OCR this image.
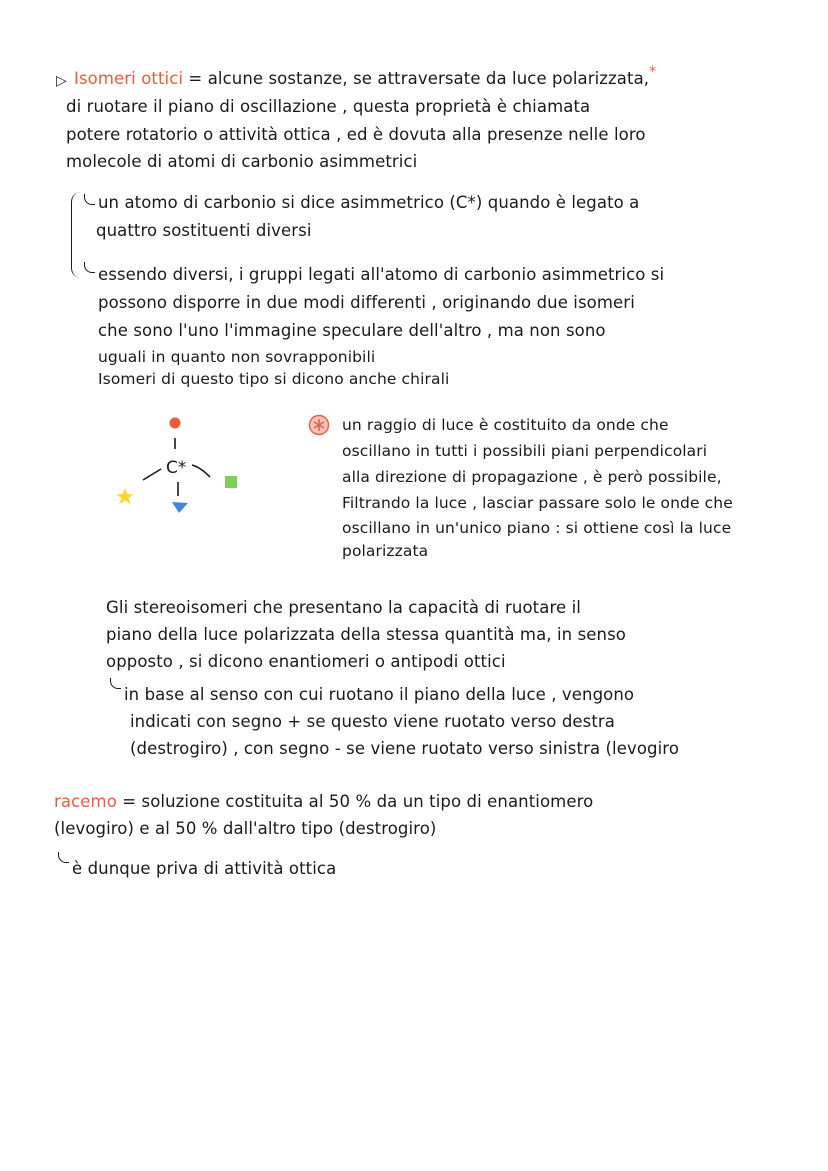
▷ Isomeri ottici = alcune sostanze, se attraversate da luce polarizzata,*
di ruotare il piano di oscillazione , questa proprietà è chiamata
potere rotatorio o attività ottica , ed è dovuta alla presenze nelle loro
molecole di atomi di carbonio asimmetrici
un atomo di carbonio si dice asimmetrico (C*) quando è legato a
quattro sostituenti diversi
essendo diversi, i gruppi legati all'atomo di carbonio asimmetrico si
possono disporre in due modi differenti , originando due isomeri
che sono l'uno l'immagine speculare dell'altro , ma non sono
uguali in quanto non sovrapponibili
Isomeri di questo tipo si dicono anche chirali
C*
un raggio di luce è costituito da onde che
oscillano in tutti i possibili piani perpendicolari
alla direzione di propagazione , è però possibile,
Filtrando la luce , lasciar passare solo le onde che
oscillano in un'unico piano : si ottiene così la luce
polarizzata
Gli stereoisomeri che presentano la capacità di ruotare il
piano della luce polarizzata della stessa quantità ma, in senso
opposto , si dicono enantiomeri o antipodi ottici
in base al senso con cui ruotano il piano della luce , vengono
indicati con segno + se questo viene ruotato verso destra
(destrogiro) , con segno - se viene ruotato verso sinistra (levogiro
racemo = soluzione costituita al 50 % da un tipo di enantiomero
(levogiro) e al 50 % dall'altro tipo (destrogiro)
è dunque priva di attività ottica
